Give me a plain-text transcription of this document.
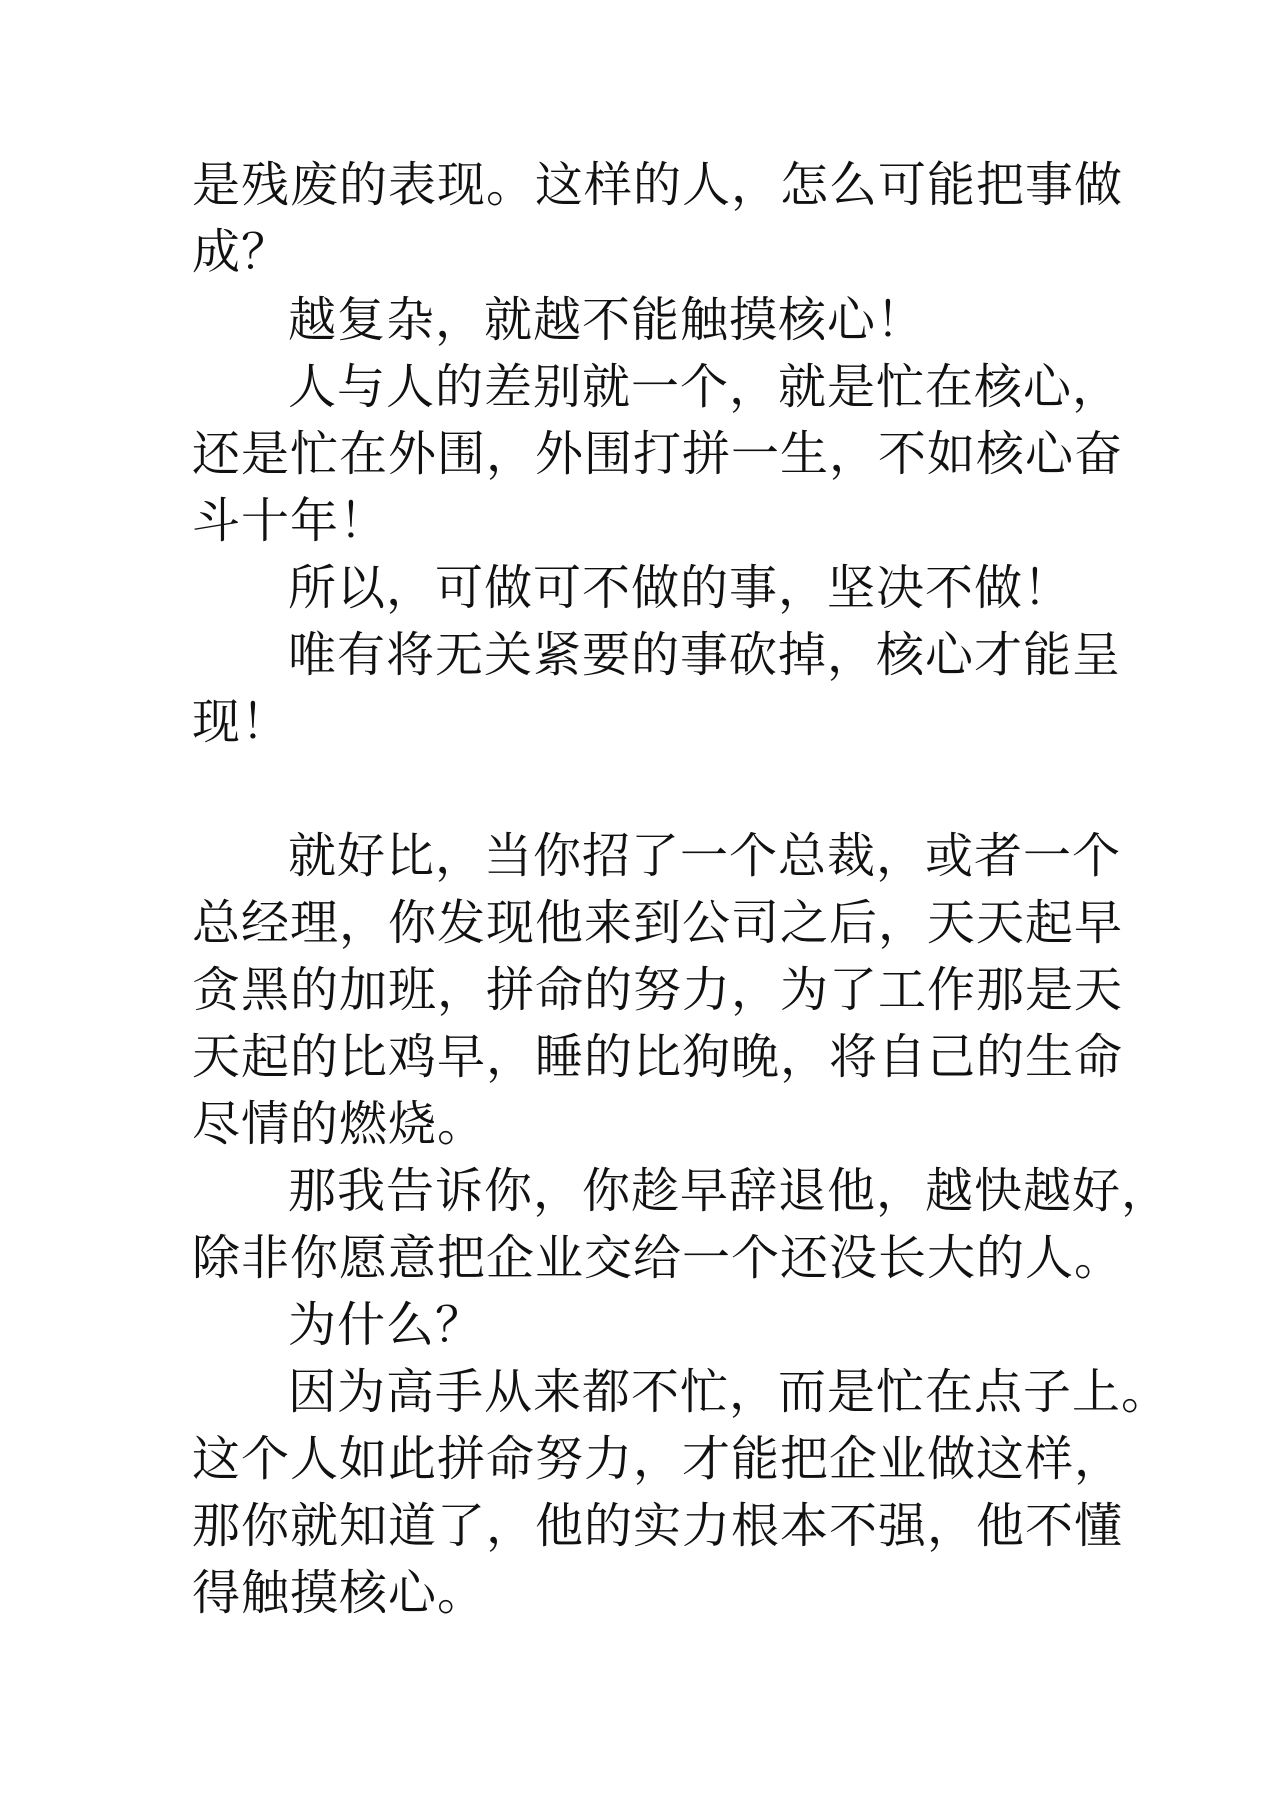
是残废的表现。这样的人，怎么可能把事做
成？
越复杂，就越不能触摸核心！
人与人的差别就一个，就是忙在核心，
还是忙在外围，外围打拼一生，不如核心奋
斗十年！
所以，可做可不做的事，坚决不做！
唯有将无关紧要的事砍掉，核心才能呈
现！
就好比，当你招了一个总裁，或者一个
总经理，你发现他来到公司之后，天天起早
贪黑的加班，拼命的努力，为了工作那是天
天起的比鸡早，睡的比狗晚，将自己的生命
尽情的燃烧。
那我告诉你，你趁早辞退他，越快越好，
除非你愿意把企业交给一个还没长大的人。
为什么？
因为高手从来都不忙，而是忙在点子上。
这个人如此拼命努力，才能把企业做这样，
那你就知道了，他的实力根本不强，他不懂
得触摸核心。
